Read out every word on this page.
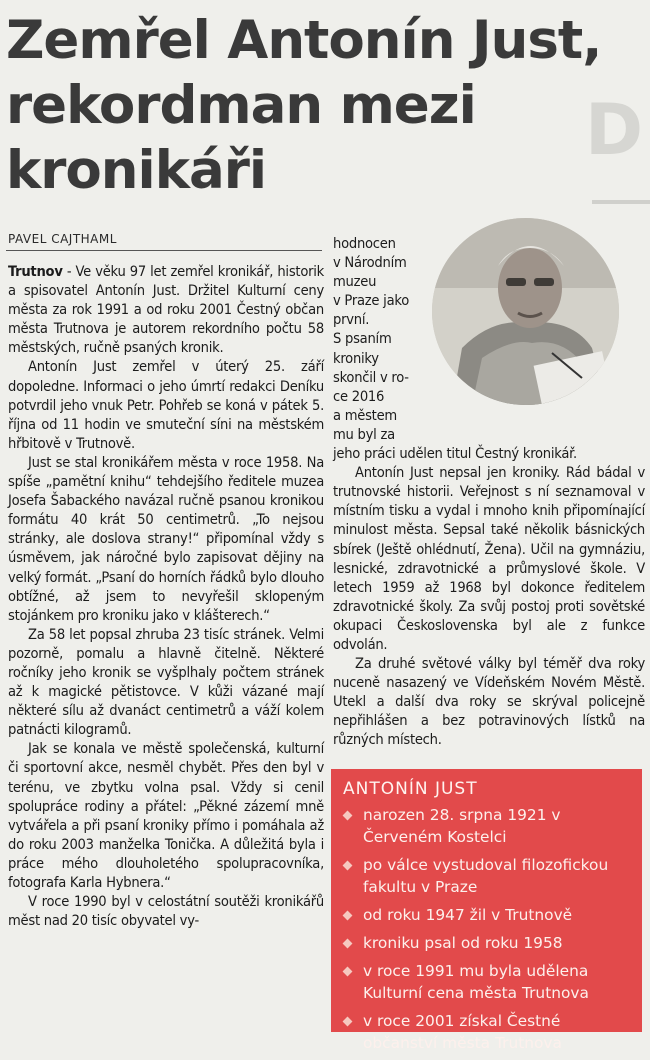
D
Zemřel Antonín Just, rekordman mezi kronikáři

PAVEL CAJTHAML

Trutnov - Ve věku 97 let zemřel kronikář, historik a spisovatel Antonín Just. Držitel Kulturní ceny města za rok 1991 a od roku 2001 Čestný občan města Trutnova je autorem rekordního počtu 58 městských, ručně psaných kronik.

Antonín Just zemřel v úterý 25. září dopoledne. Informaci o jeho úmrtí redakci Deníku potvrdil jeho vnuk Petr. Pohřeb se koná v pátek 5. října od 11 hodin ve smuteční síni na městském hřbitově v Trutnově.

Just se stal kronikářem města v roce 1958. Na spíše „pamětní knihu“ tehdejšího ředitele muzea Josefa Šabackého navázal ručně psanou kronikou formátu 40 krát 50 centimetrů. „To nejsou stránky, ale doslova strany!“ připomínal vždy s úsměvem, jak náročné bylo zapisovat dějiny na velký formát. „Psaní do horních řádků bylo dlouho obtížné, až jsem to nevyřešil sklopeným stojánkem pro kroniku jako v klášterech.“

Za 58 let popsal zhruba 23 tisíc stránek. Velmi pozorně, pomalu a hlavně čitelně. Některé ročníky jeho kronik se vyšplhaly počtem stránek až k magické pětistovce. V kůži vázané mají některé sílu až dvanáct centimetrů a váží kolem patnácti kilogramů.

Jak se konala ve městě společenská, kulturní či sportovní akce, nesměl chybět. Přes den byl v terénu, ve zbytku volna psal. Vždy si cenil spolupráce rodiny a přátel: „Pěkné zázemí mně vytvářela a při psaní kroniky přímo i pomáhala až do roku 2003 manželka Tonička. A důležitá byla i práce mého dlouholetého spolupracovníka, fotografa Karla Hybnera.“

V roce 1990 byl v celostátní soutěži kronikářů měst nad 20 tisíc obyvatel vy-

hodnocen
v Národním
muzeu
v Praze jako
první.
S psaním
kroniky
skončil v ro-
ce 2016
a městem
mu byl za

jeho práci udělen titul Čestný kronikář.

Antonín Just nepsal jen kroniky. Rád bádal v trutnovské historii. Veřejnost s ní seznamoval v místním tisku a vydal i mnoho knih připomínající minulost města. Sepsal také několik básnických sbírek (Ještě ohlédnutí, Žena). Učil na gymnáziu, lesnické, zdravotnické a průmyslové škole. V letech 1959 až 1968 byl dokonce ředitelem zdravotnické školy. Za svůj postoj proti sovětské okupaci Československa byl ale z funkce odvolán.

Za druhé světové války byl téměř dva roky nuceně nasazený ve Vídeňském Novém Městě. Utekl a další dva roky se skrýval policejně nepřihlášen a bez potravinových lístků na různých místech.

ANTONÍN JUST
narozen 28. srpna 1921 v Červeném Kostelci
po válce vystudoval filozofickou fakultu v Praze
od roku 1947 žil v Trutnově
kroniku psal od roku 1958
v roce 1991 mu byla udělena Kulturní cena města Trutnova
v roce 2001 získal Čestné občanství města Trutnova
